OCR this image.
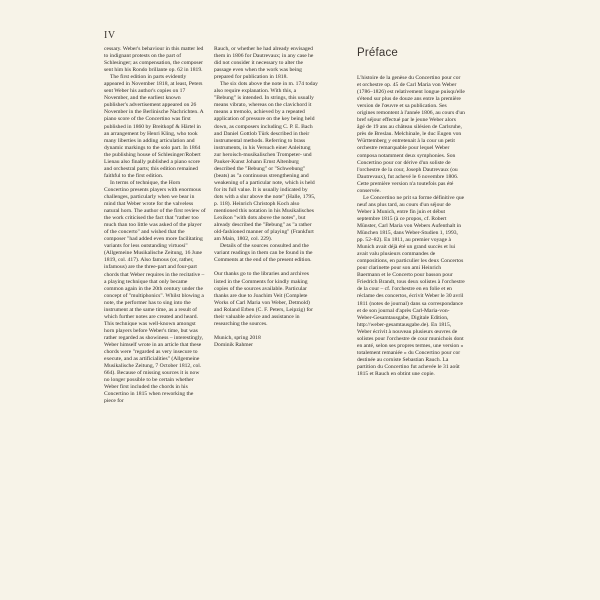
IV

cessary. Weber's behaviour in this matter led to indignant protests on the part of Schlesinger; as compensation, the composer sent him his Rondo brillante op. 62 in 1819.

The first edition in parts evidently appeared in November 1818, at least, Peters sent Weber his author's copies on 17 November, and the earliest known publisher's advertisement appeared on 26 November in the Berlinische Nachrichten. A piano score of the Concertino was first published in 1860 by Breitkopf & Härtel in an arrangement by Henri Kling, who took many liberties in adding articulation and dynamic markings to the solo part. In 1864 the publishing house of Schlesinger/Robert Lienau also finally published a piano score and orchestral parts; this edition remained faithful to the first edition.

In terms of technique, the Horn Concertino presents players with enormous challenges, particularly when we bear in mind that Weber wrote for the valveless natural horn. The author of the first review of the work criticised the fact that "rather too much than too little was asked of the player of the concerto" and wished that the composer "had added even more facilitating variants for less outstanding virtuosi" (Allgemeine Musikalische Zeitung, 16 June 1819, col. 417). Also famous (or, rather, infamous) are the three-part and four-part chords that Weber requires in the recitative – a playing technique that only became common again in the 20th century under the concept of "multiphonics". Whilst blowing a note, the performer has to sing into the instrument at the same time, as a result of which further notes are created and heard. This technique was well-known amongst horn players before Weber's time, but was rather regarded as showiness – interestingly, Weber himself wrote in an article that these chords were "regarded as very insecure to execute, and as artificialities" (Allgemeine Musikalische Zeitung, 7 October 1812, col. 664). Because of missing sources it is now no longer possible to be certain whether Weber first included the chords in his Concertino in 1815 when reworking the piece for

Rauch, or whether he had already envisaged them in 1806 for Dautrevaux; in any case he did not consider it necessary to alter the passage even when the work was being prepared for publication in 1818.

The six dots above the note in m. 174 today also require explanation. With this, a "Bebung" is intended. In strings, this usually means vibrato, whereas on the clavichord it means a tremolo, achieved by a repeated application of pressure on the key being held down, as composers including C. P. E. Bach and Daniel Gottlob Türk described in their instrumental methods. Referring to brass instruments, in his Versuch einer Anleitung zur heroisch-musikalischen Trompeter- und Pauker-Kunst Johann Ernst Altenburg described the "Bebung" or "Schwebung" (beats) as "a continuous strengthening and weakening of a particular note, which is held for its full value. It is usually indicated by dots with a slur above the note" (Halle, 1795, p. 118). Heinrich Christoph Koch also mentioned this notation in his Musikalisches Lexikon "with dots above the notes", but already described the "Bebung" as "a rather old-fashioned manner of playing" (Frankfurt am Main, 1802, col. 229).

Details of the sources consulted and the variant readings in them can be found in the Comments at the end of the present edition.

Our thanks go to the libraries and archives listed in the Comments for kindly making copies of the sources available. Particular thanks are due to Joachim Veit (Complete Works of Carl Maria von Weber, Detmold) and Roland Erben (C. F. Peters, Leipzig) for their valuable advice and assistance in researching the sources.

Munich, spring 2018

Dominik Rahmer

Préface

L'histoire de la genèse du Concertino pour cor et orchestre op. 45 de Carl Maria von Weber (1786–1826) est relativement longue puisqu'elle s'étend sur plus de douze ans entre la première version de l'œuvre et sa publication. Ses origines remontent à l'année 1806, au cours d'un bref séjour effectué par le jeune Weber alors âgé de 19 ans au château silésien de Carlsruhe, près de Breslau. Melchinale, le duc Eugen von Württemberg y entretenait à la cour un petit orchestre remarquable pour lequel Weber composa notamment deux symphonies. Son Concertino pour cor dérive d'un soliste de l'orchestre de la cour, Joseph Dautrevaux (ou Dautrevaux), fut achevé le 6 novembre 1806. Cette première version n'a toutefois pas été conservée.

Le Concertino ne prit sa forme définitive que neuf ans plus tard, au cours d'un séjour de Weber à Munich, entre fin juin et début septembre 1815 (à ce propos, cf. Robert Münster, Carl Maria von Webers Aufenthalt in München 1815, dans Weber-Studien 1, 1993, pp. 52–82). En 1811, au premier voyage à Munich avait déjà été un grand succès et lui avait valu plusieurs commandes de compositions, en particulier les deux Concertos pour clarinette pour son ami Heinrich Baermann et le Concerto pour basson pour Friedrich Brandt, tous deux solistes à l'orchestre de la cour – cf. l'orchestre en en folie et en réclame des concertos, écrivit Weber le 30 avril 1811 (notes de journal) dans sa correspondance et de son journal d'après Carl-Maria-von-Weber-Gesamtausgabe, Digitale Edition, http://weber-gesamtausgabe.de). En 1815, Weber écrivit à nouveau plusieurs œuvres de solistes pour l'orchestre de cour munichois dont en anté, selon ses propres termes, une version « totalement remaniée » du Concertino pour cor destinée au corniste Sebastian Rauch. La partition du Concertino fut achevée le 31 août 1815 et Rauch en obtint une copie.
